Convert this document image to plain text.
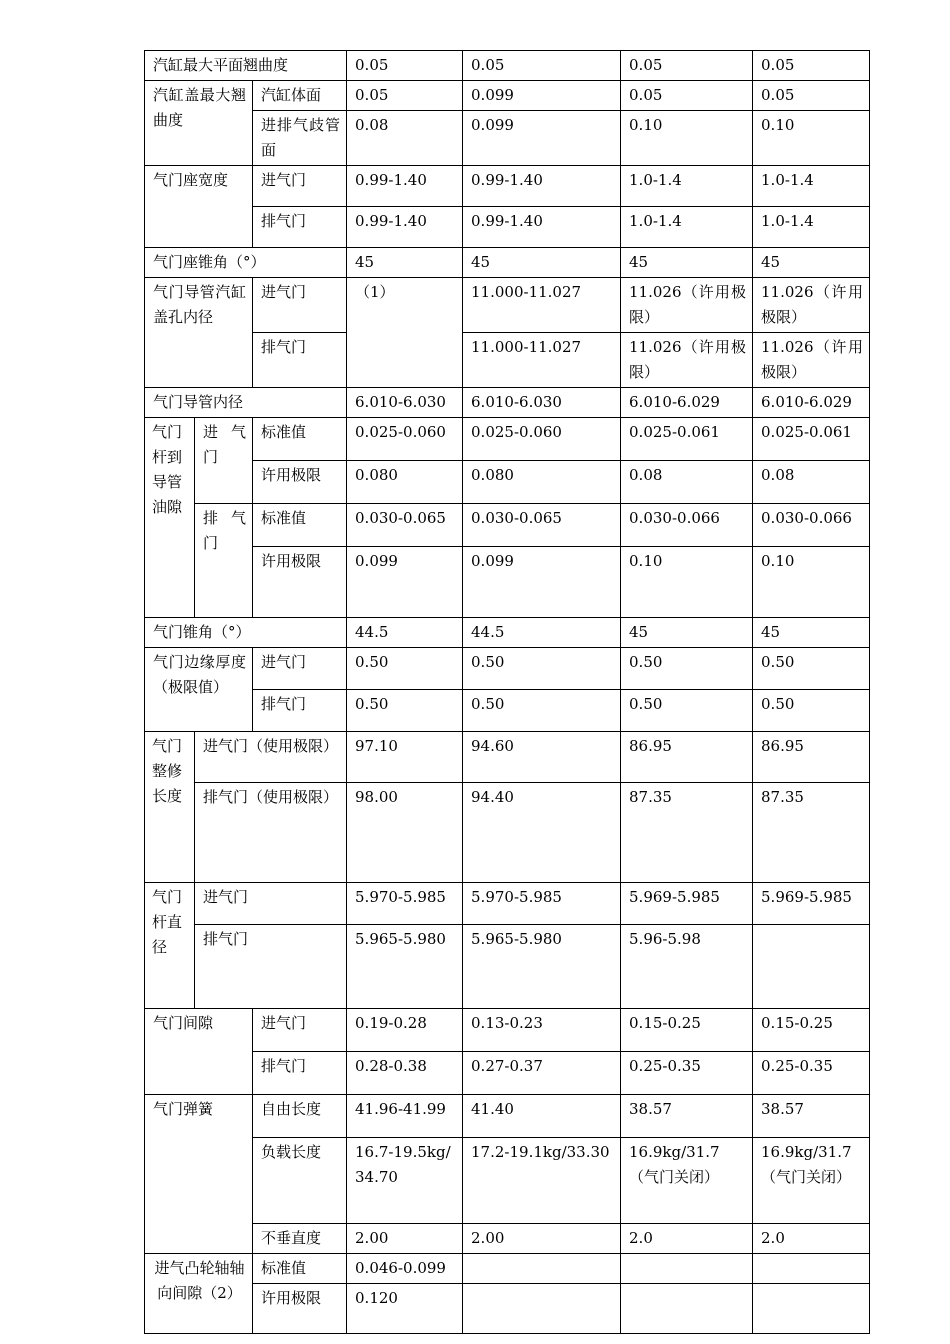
汽缸最大平面翘曲度			0.05	0.05	0.05	0.05
汽缸盖最大翘曲度		汽缸体面	0.05	0.099	0.05	0.05
		进排气歧管面	0.08	0.099	0.10	0.10
气门座宽度		进气门	0.99-1.40	0.99-1.40	1.0-1.4	1.0-1.4
		排气门	0.99-1.40	0.99-1.40	1.0-1.4	1.0-1.4
气门座锥角（°）			45	45	45	45
气门导管汽缸盖孔内径		进气门	（1）	11.000-11.027	11.026（许用极限）	11.026（许用极限）
		排气门		11.000-11.027	11.026（许用极限）	11.026（许用极限）
气门导管内径			6.010-6.030	6.010-6.030	6.010-6.029	6.010-6.029
气门杆到导管油隙	进气门	标准值	0.025-0.060	0.025-0.060	0.025-0.061	0.025-0.061
		许用极限	0.080	0.080	0.08	0.08
	排气门	标准值	0.030-0.065	0.030-0.065	0.030-0.066	0.030-0.066
		许用极限	0.099	0.099	0.10	0.10
气门锥角（°）			44.5	44.5	45	45
气门边缘厚度（极限值）		进气门	0.50	0.50	0.50	0.50
		排气门	0.50	0.50	0.50	0.50
气门整修长度	进气门（使用极限）		97.10	94.60	86.95	86.95
	排气门（使用极限）		98.00	94.40	87.35	87.35
气门杆直径	进气门		5.970-5.985	5.970-5.985	5.969-5.985	5.969-5.985
	排气门		5.965-5.980	5.965-5.980	5.96-5.98	
气门间隙		进气门	0.19-0.28	0.13-0.23	0.15-0.25	0.15-0.25
		排气门	0.28-0.38	0.27-0.37	0.25-0.35	0.25-0.35
气门弹簧		自由长度	41.96-41.99	41.40	38.57	38.57
		负载长度	16.7-19.5kg/34.70	17.2-19.1kg/33.30	16.9kg/31.7（气门关闭）	16.9kg/31.7（气门关闭）
		不垂直度	2.00	2.00	2.0	2.0
进气凸轮轴轴向间隙（2）		标准值	0.046-0.099			
		许用极限	0.120			
